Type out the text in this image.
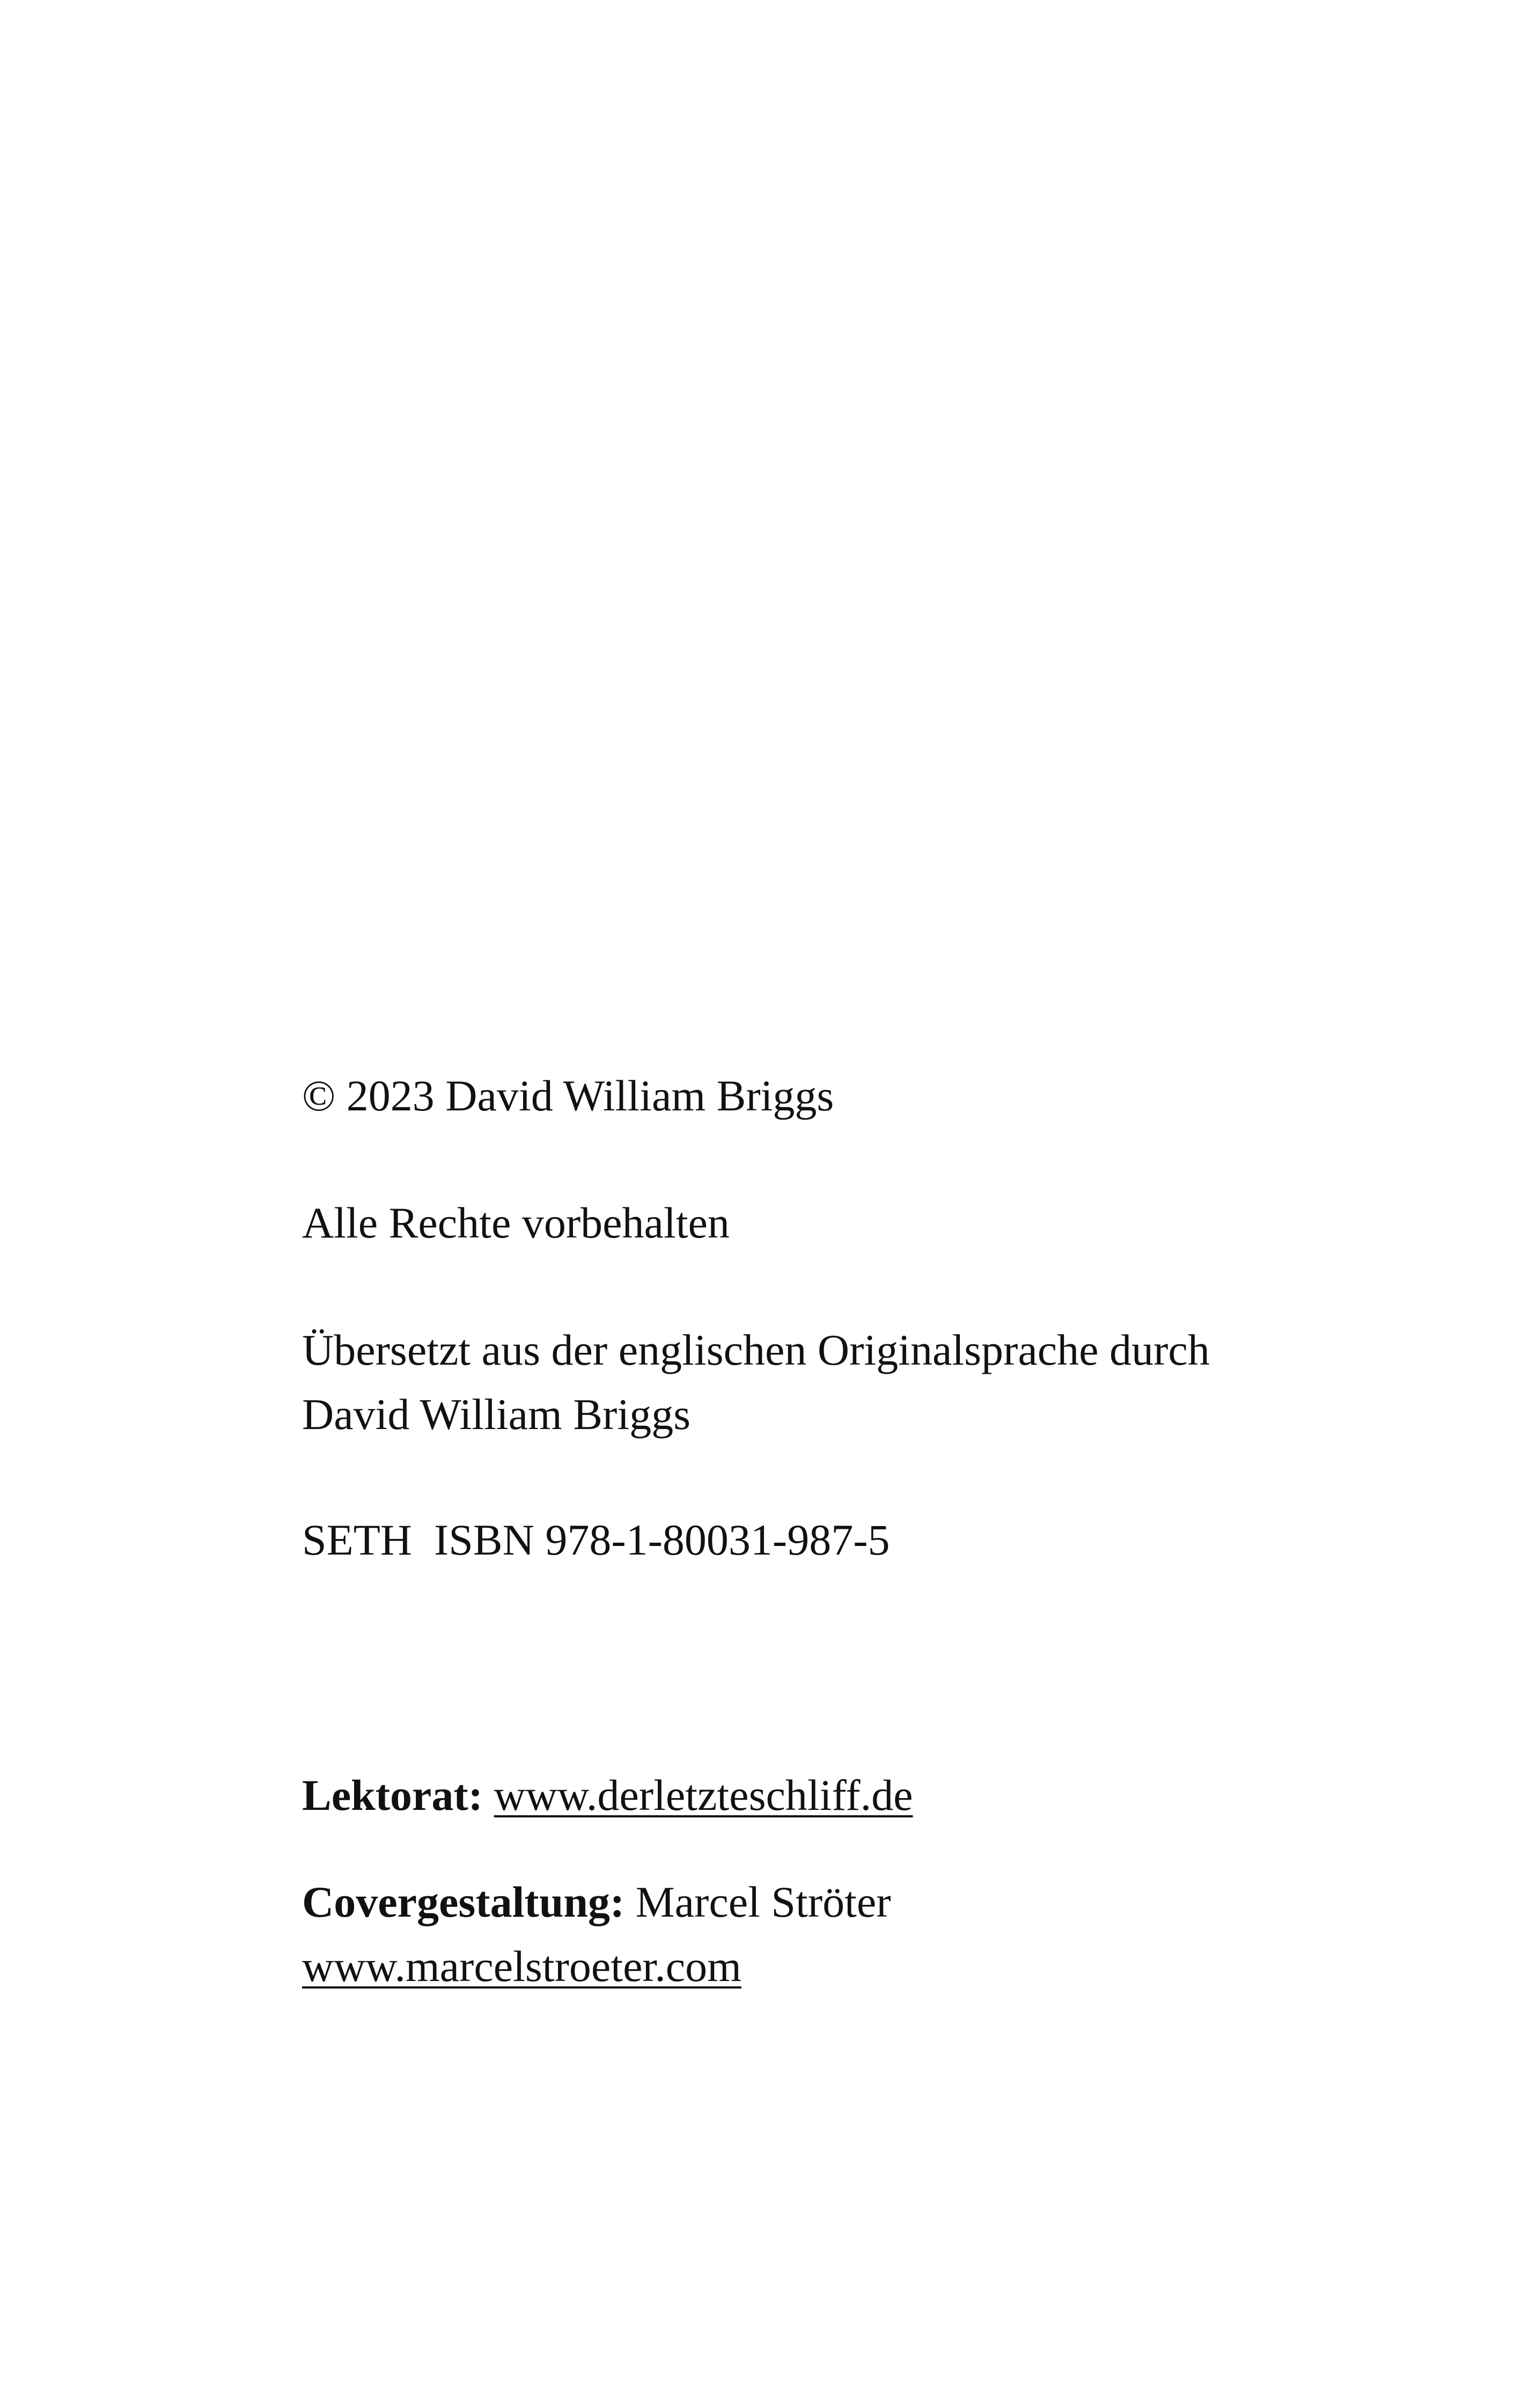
© 2023 David William Briggs
Alle Rechte vorbehalten
Übersetzt aus der englischen Originalsprache durch
David William Briggs
SETH  ISBN 978-1-80031-987-5
Lektorat: www.derletzteschliff.de
Covergestaltung: Marcel Ströter
www.marcelstroeter.com
